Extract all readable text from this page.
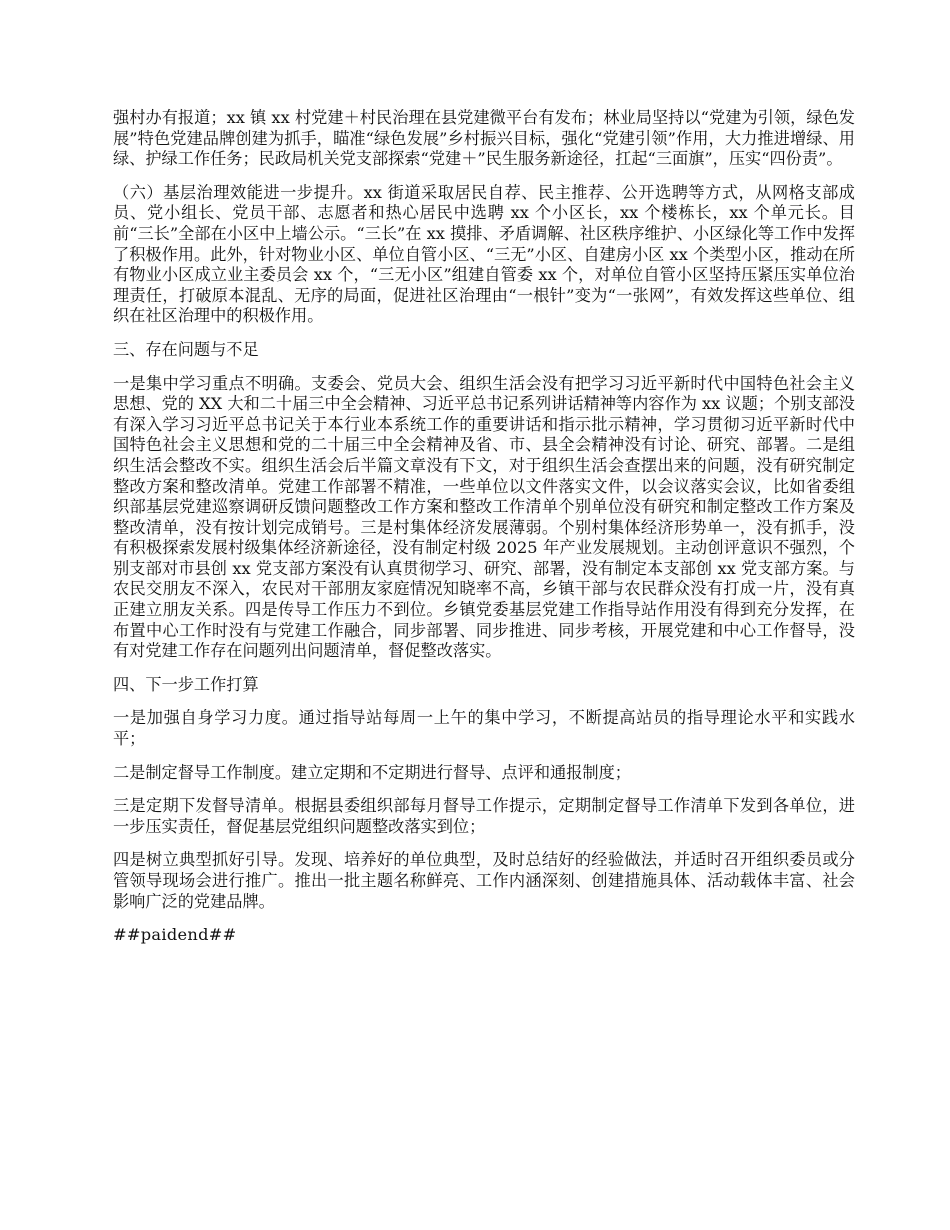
强村办有报道；xx 镇 xx 村党建＋村民治理在县党建微平台有发布；林业局坚持以“党建为引领，绿色发展”特色党建品牌创建为抓手，瞄准“绿色发展”乡村振兴目标，强化“党建引领”作用，大力推进增绿、用绿、护绿工作任务；民政局机关党支部探索“党建＋”民生服务新途径，扛起“三面旗”，压实“四份责”。

（六）基层治理效能进一步提升。xx 街道采取居民自荐、民主推荐、公开选聘等方式，从网格支部成员、党小组长、党员干部、志愿者和热心居民中选聘 xx 个小区长，xx 个楼栋长，xx 个单元长。目前“三长”全部在小区中上墙公示。“三长”在 xx 摸排、矛盾调解、社区秩序维护、小区绿化等工作中发挥了积极作用。此外，针对物业小区、单位自管小区、“三无”小区、自建房小区 xx 个类型小区，推动在所有物业小区成立业主委员会 xx 个，“三无小区”组建自管委 xx 个，对单位自管小区坚持压紧压实单位治理责任，打破原本混乱、无序的局面，促进社区治理由“一根针”变为“一张网”，有效发挥这些单位、组织在社区治理中的积极作用。

三、存在问题与不足

一是集中学习重点不明确。支委会、党员大会、组织生活会没有把学习习近平新时代中国特色社会主义思想、党的 XX 大和二十届三中全会精神、习近平总书记系列讲话精神等内容作为 xx 议题；个别支部没有深入学习习近平总书记关于本行业本系统工作的重要讲话和指示批示精神，学习贯彻习近平新时代中国特色社会主义思想和党的二十届三中全会精神及省、市、县全会精神没有讨论、研究、部署。二是组织生活会整改不实。组织生活会后半篇文章没有下文，对于组织生活会查摆出来的问题，没有研究制定整改方案和整改清单。党建工作部署不精准，一些单位以文件落实文件，以会议落实会议，比如省委组织部基层党建巡察调研反馈问题整改工作方案和整改工作清单个别单位没有研究和制定整改工作方案及整改清单，没有按计划完成销号。三是村集体经济发展薄弱。个别村集体经济形势单一，没有抓手，没有积极探索发展村级集体经济新途径，没有制定村级 2025 年产业发展规划。主动创评意识不强烈，个别支部对市县创 xx 党支部方案没有认真贯彻学习、研究、部署，没有制定本支部创 xx 党支部方案。与农民交朋友不深入，农民对干部朋友家庭情况知晓率不高，乡镇干部与农民群众没有打成一片，没有真正建立朋友关系。四是传导工作压力不到位。乡镇党委基层党建工作指导站作用没有得到充分发挥，在布置中心工作时没有与党建工作融合，同步部署、同步推进、同步考核，开展党建和中心工作督导，没有对党建工作存在问题列出问题清单，督促整改落实。

四、下一步工作打算

一是加强自身学习力度。通过指导站每周一上午的集中学习，不断提高站员的指导理论水平和实践水平；

二是制定督导工作制度。建立定期和不定期进行督导、点评和通报制度；

三是定期下发督导清单。根据县委组织部每月督导工作提示，定期制定督导工作清单下发到各单位，进一步压实责任，督促基层党组织问题整改落实到位；

四是树立典型抓好引导。发现、培养好的单位典型，及时总结好的经验做法，并适时召开组织委员或分管领导现场会进行推广。推出一批主题名称鲜亮、工作内涵深刻、创建措施具体、活动载体丰富、社会影响广泛的党建品牌。

##paidend##
